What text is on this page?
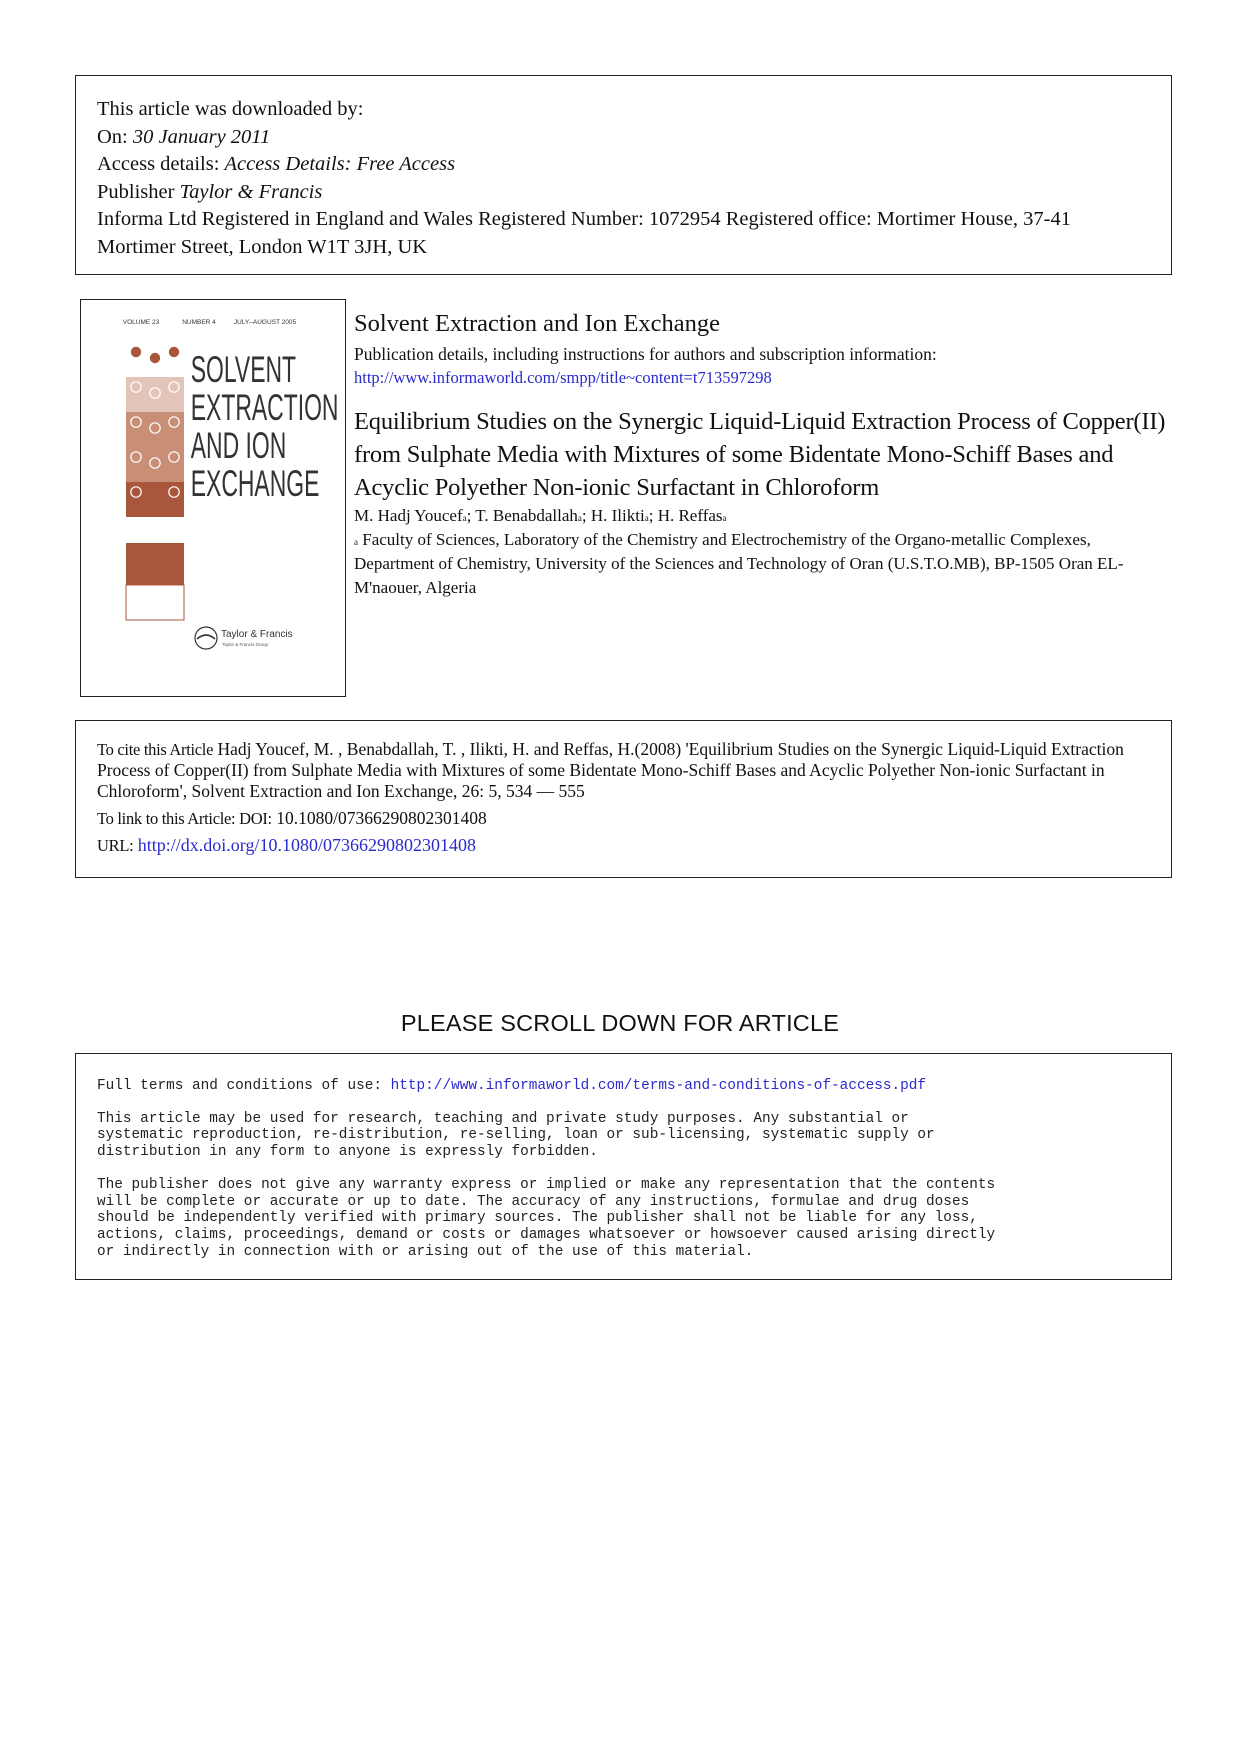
This article was downloaded by:
On: 30 January 2011
Access details: Access Details: Free Access
Publisher Taylor & Francis
Informa Ltd Registered in England and Wales Registered Number: 1072954 Registered office: Mortimer House, 37-41 Mortimer Street, London W1T 3JH, UK
VOLUME 23	NUMBER 4	JULY–AUGUST 2005
SOLVENT
EXTRACTION
AND ION
EXCHANGE
Taylor & Francis
Taylor & Francis Group
Solvent Extraction and Ion Exchange
Publication details, including instructions for authors and subscription information:
http://www.informaworld.com/smpp/title~content=t713597298
Equilibrium Studies on the Synergic Liquid-Liquid Extraction Process of Copper(II) from Sulphate Media with Mixtures of some Bidentate Mono-Schiff Bases and Acyclic Polyether Non-ionic Surfactant in Chloroform
M. Hadj Youcef$^a$; T. Benabdallah$^a$; H. Ilikti$^a$; H. Reffas$^a$
$^a$ Faculty of Sciences, Laboratory of the Chemistry and Electrochemistry of the Organo-metallic Complexes, Department of Chemistry, University of the Sciences and Technology of Oran (U.S.T.O.MB), BP-1505 Oran EL-M'naouer, Algeria
To cite this Article Hadj Youcef, M. , Benabdallah, T. , Ilikti, H. and Reffas, H.(2008) 'Equilibrium Studies on the Synergic Liquid-Liquid Extraction Process of Copper(II) from Sulphate Media with Mixtures of some Bidentate Mono-Schiff Bases and Acyclic Polyether Non-ionic Surfactant in Chloroform', Solvent Extraction and Ion Exchange, 26: 5, 534 — 555
To link to this Article: DOI: 10.1080/07366290802301408
URL: http://dx.doi.org/10.1080/07366290802301408
PLEASE SCROLL DOWN FOR ARTICLE

Full terms and conditions of use: http://www.informaworld.com/terms-and-conditions-of-access.pdf

This article may be used for research, teaching and private study purposes. Any substantial or
systematic reproduction, re-distribution, re-selling, loan or sub-licensing, systematic supply or
distribution in any form to anyone is expressly forbidden.

The publisher does not give any warranty express or implied or make any representation that the contents
will be complete or accurate or up to date. The accuracy of any instructions, formulae and drug doses
should be independently verified with primary sources. The publisher shall not be liable for any loss,
actions, claims, proceedings, demand or costs or damages whatsoever or howsoever caused arising directly
or indirectly in connection with or arising out of the use of this material.
